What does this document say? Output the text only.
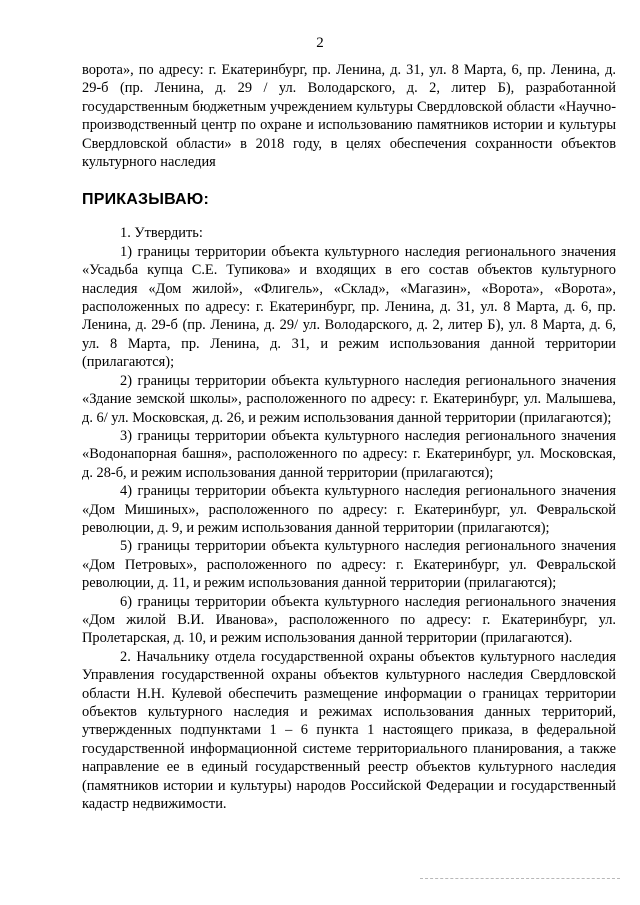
2

ворота», по адресу: г. Екатеринбург, пр. Ленина, д. 31, ул. 8 Марта, 6, пр. Ленина, д. 29-б (пр. Ленина, д. 29 / ул. Володарского, д. 2, литер Б), разработанной государственным бюджетным учреждением культуры Свердловской области «Научно-производственный центр по охране и использованию памятников истории и культуры Свердловской области» в 2018 году, в целях обеспечения сохранности объектов культурного наследия

ПРИКАЗЫВАЮ:

1. Утвердить:

1) границы территории объекта культурного наследия регионального значения «Усадьба купца С.Е. Тупикова» и входящих в его состав объектов культурного наследия «Дом жилой», «Флигель», «Склад», «Магазин», «Ворота», «Ворота», расположенных по адресу: г. Екатеринбург, пр. Ленина, д. 31, ул. 8 Марта, д. 6, пр. Ленина, д. 29-б (пр. Ленина, д. 29/ ул. Володарского, д. 2, литер Б), ул. 8 Марта, д. 6, ул. 8 Марта, пр. Ленина, д. 31, и режим использования данной территории (прилагаются);

2) границы территории объекта культурного наследия регионального значения «Здание земской школы», расположенного по адресу: г. Екатеринбург, ул. Малышева, д. 6/ ул. Московская, д. 26, и режим использования данной территории (прилагаются);

3) границы территории объекта культурного наследия регионального значения «Водонапорная башня», расположенного по адресу: г. Екатеринбург, ул. Московская, д. 28-б, и режим использования данной территории (прилагаются);

4) границы территории объекта культурного наследия регионального значения «Дом Мишиных», расположенного по адресу: г. Екатеринбург, ул. Февральской революции, д. 9, и режим использования данной территории (прилагаются);

5) границы территории объекта культурного наследия регионального значения «Дом Петровых», расположенного по адресу: г. Екатеринбург, ул. Февральской революции, д. 11, и режим использования данной территории (прилагаются);

6) границы территории объекта культурного наследия регионального значения «Дом жилой В.И. Иванова», расположенного по адресу: г. Екатеринбург, ул. Пролетарская, д. 10, и режим использования данной территории (прилагаются).

2. Начальнику отдела государственной охраны объектов культурного наследия Управления государственной охраны объектов культурного наследия Свердловской области Н.Н. Кулевой обеспечить размещение информации о границах территории объектов культурного наследия и режимах использования данных территорий, утвержденных подпунктами 1 – 6 пункта 1 настоящего приказа, в федеральной государственной информационной системе территориального планирования, а также направление ее в единый государственный реестр объектов культурного наследия (памятников истории и культуры) народов Российской Федерации и государственный кадастр недвижимости.
